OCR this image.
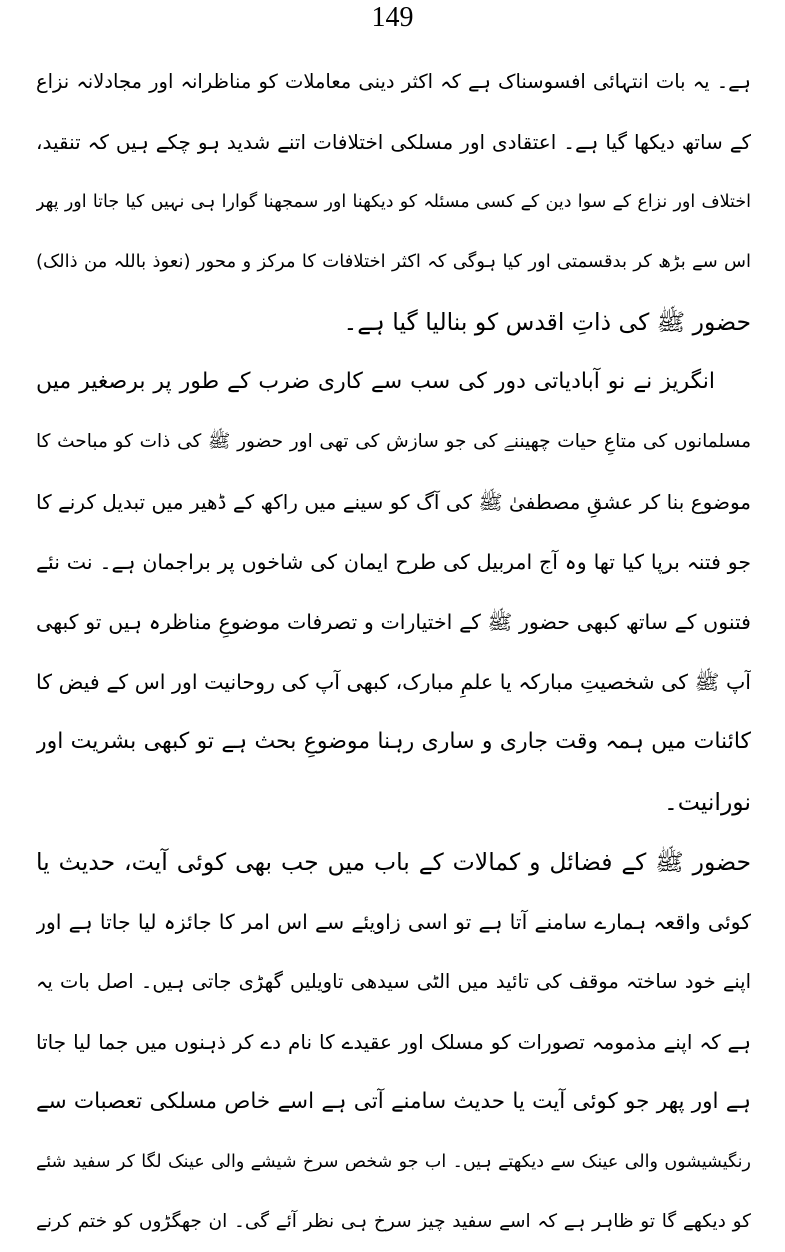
149
ہے۔ یہ بات انتہائی افسوسناک ہے کہ اکثر دینی معاملات کو مناظرانہ اور مجادلانہ نزاع
کے ساتھ دیکھا گیا ہے۔ اعتقادی اور مسلکی اختلافات اتنے شدید ہو چکے ہیں کہ تنقید،
اختلاف اور نزاع کے سوا دین کے کسی مسئلہ کو دیکھنا اور سمجھنا گوارا ہی نہیں کیا جاتا اور پھر
اس سے بڑھ کر بدقسمتی اور کیا ہوگی کہ اکثر اختلافات کا مرکز و محور (نعوذ باللہ من ذالک)
حضور ﷺ کی ذاتِ اقدس کو بنالیا گیا ہے۔
انگریز نے نو آبادیاتی دور کی سب سے کاری ضرب کے طور پر برصغیر میں
مسلمانوں کی متاعِ حیات چھیننے کی جو سازش کی تھی اور حضور ﷺ کی ذات کو مباحث کا
موضوع بنا کر عشقِ مصطفیٰ ﷺ کی آگ کو سینے میں راکھ کے ڈھیر میں تبدیل کرنے کا
جو فتنہ برپا کیا تھا وہ آج امربیل کی طرح ایمان کی شاخوں پر براجمان ہے۔ نت نئے
فتنوں کے ساتھ کبھی حضور ﷺ کے اختیارات و تصرفات موضوعِ مناظرہ ہیں تو کبھی
آپ ﷺ کی شخصیتِ مبارکہ یا علمِ مبارک، کبھی آپ کی روحانیت اور اس کے فیض کا
کائنات میں ہمہ وقت جاری و ساری رہنا موضوعِ بحث ہے تو کبھی بشریت اور
نورانیت۔
حضور ﷺ کے فضائل و کمالات کے باب میں جب بھی کوئی آیت، حدیث یا
کوئی واقعہ ہمارے سامنے آتا ہے تو اسی زاویئے سے اس امر کا جائزہ لیا جاتا ہے اور
اپنے خود ساختہ موقف کی تائید میں الٹی سیدھی تاویلیں گھڑی جاتی ہیں۔ اصل بات یہ
ہے کہ اپنے مذمومہ تصورات کو مسلک اور عقیدے کا نام دے کر ذہنوں میں جما لیا جاتا
ہے اور پھر جو کوئی آیت یا حدیث سامنے آتی ہے اسے خاص مسلکی تعصبات سے
رنگیشیشوں والی عینک سے دیکھتے ہیں۔ اب جو شخص سرخ شیشے والی عینک لگا کر سفید شئے
کو دیکھے گا تو ظاہر ہے کہ اسے سفید چیز سرخ ہی نظر آئے گی۔ ان جھگڑوں کو ختم کرنے
